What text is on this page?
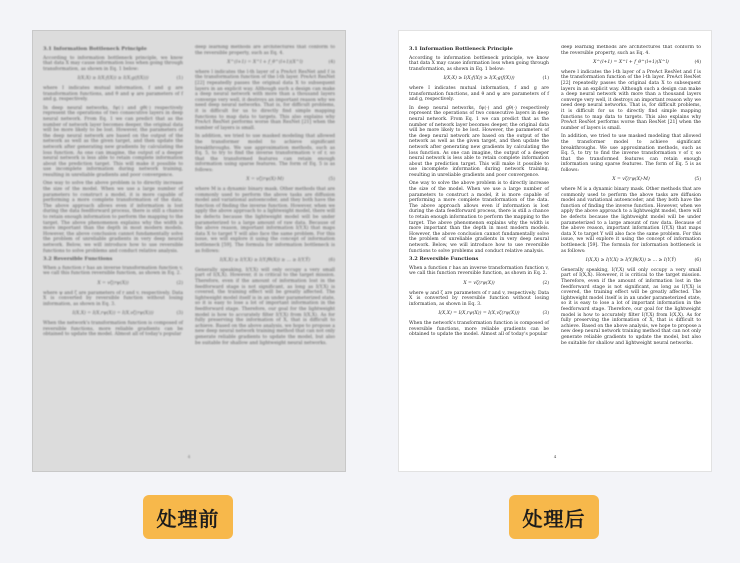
3.1 Information Bottleneck Principle
According to information bottleneck principle, we know that data X may cause information loss when going through transformation, as shown in Eq. 1 below:
I(X;X) ≥ I(X;f(X)) ≥ I(X;g(f(X)))	(1)
where I indicates mutual information, f and g are transformation functions, and θ and ψ are parameters of f and g, respectively.
In deep neural networks, fψ(·) and gθ(·) respectively represent the operations of two consecutive layers in deep neural network. From Eq. 1 we can predict that as the number of network layer becomes deeper, the original data will be more likely to be lost. However, the parameters of the deep neural network are based on the output of the network as well as the given target, and then update the network after generating new gradients by calculating the loss function. As one can imagine, the output of a deeper neural network is less able to retain complete information about the prediction target. This will make it possible to use incomplete information during network training, resulting in unreliable gradients and poor convergence.
One way to solve the above problem is to directly increase the size of the model. When we use a large number of parameters to construct a model, it is more capable of performing a more complete transformation of the data. The above approach allows even if information is lost during the data feedforward process, there is still a chance to retain enough information to perform the mapping to the target. The above phenomenon explains why the width is more important than the depth in most modern models. However, the above conclusion cannot fundamentally solve the problem of unreliable gradients in very deep neural network. Below, we will introduce how to use reversible functions to solve problems and conduct relative analysis.
3.2 Reversible Functions
When a function r has an inverse transformation function v, we call this function reversible function, as shown in Eq. 2.
X = vζ(rψ(X))	(2)
where ψ and ζ are parameters of r and v, respectively. Data X is converted by reversible function without losing information, as shown in Eq. 3.
I(X,X) = I(X,rψ(X)) = I(X,vζ(rψ(X)))	(3)
When the network's transformation function is composed of reversible functions, more reliable gradients can be obtained to update the model. Almost all of today's popular
deep learning methods are architectures that conform to the reversible property, such as Eq. 4.
X^(l+1) = X^l + f_θ^(l+1)(X^l)	(4)
where l indicates the l-th layer of a PreAct ResNet and f is the transformation function of the l-th layer. PreAct ResNet [22] repeatedly passes the original data X to subsequent layers in an explicit way. Although such a design can make a deep neural network with more than a thousand layers converge very well, it destroys an important reason why we need deep neural networks. That is, for difficult problems, it is difficult for us to directly find simple mapping functions to map data to targets. This also explains why PreAct ResNet performs worse than ResNet [21] when the number of layers is small.
In addition, we tried to use masked modeling that allowed the transformer model to achieve significant breakthroughs. We use approximation methods, such as Eq. 5, to try to find the inverse transformation v of r, so that the transformed features can retain enough information using sparse features. The form of Eq. 5 is as follows:
X = vζ(rψ(X)·M)	(5)
where M is a dynamic binary mask. Other methods that are commonly used to perform the above tasks are diffusion model and variational autoencoder, and they both have the function of finding the inverse function. However, when we apply the above approach to a lightweight model, there will be defects because the lightweight model will be under parameterized to a large amount of raw data. Because of the above reason, important information I(Y,X) that maps data X to target Y will also face the same problem. For this issue, we will explore it using the concept of information bottleneck [59]. The formula for information bottleneck is as follows:
I(X,X) ≥ I(Y,X) ≥ I(Y,fθ(X)) ≥ ... ≥ I(Y,Ŷ)	(6)
Generally speaking, I(Y,X) will only occupy a very small part of I(X,X). However, it is critical to the target mission. Therefore, even if the amount of information lost in the feedforward stage is not significant, as long as I(Y,X) is covered, the training effect will be greatly affected. The lightweight model itself is in an under parameterized state, so it is easy to lose a lot of important information in the feedforward stage. Therefore, our goal for the lightweight model is how to accurately filter I(Y,X) from I(X,X). As for fully preserving the information of X, that is difficult to achieve. Based on the above analysis, we hope to propose a new deep neural network training method that can not only generate reliable gradients to update the model, but also be suitable for shallow and lightweight neural networks.
4
3.1 Information Bottleneck Principle
According to information bottleneck principle, we know that data X may cause information loss when going through transformation, as shown in Eq. 1 below:
I(X;X) ≥ I(X;f(X)) ≥ I(X;g(f(X)))	(1)
where I indicates mutual information, f and g are transformation functions, and θ and ψ are parameters of f and g, respectively.
In deep neural networks, fψ(·) and gθ(·) respectively represent the operations of two consecutive layers in deep neural network. From Eq. 1 we can predict that as the number of network layer becomes deeper, the original data will be more likely to be lost. However, the parameters of the deep neural network are based on the output of the network as well as the given target, and then update the network after generating new gradients by calculating the loss function. As one can imagine, the output of a deeper neural network is less able to retain complete information about the prediction target. This will make it possible to use incomplete information during network training, resulting in unreliable gradients and poor convergence.
One way to solve the above problem is to directly increase the size of the model. When we use a large number of parameters to construct a model, it is more capable of performing a more complete transformation of the data. The above approach allows even if information is lost during the data feedforward process, there is still a chance to retain enough information to perform the mapping to the target. The above phenomenon explains why the width is more important than the depth in most modern models. However, the above conclusion cannot fundamentally solve the problem of unreliable gradients in very deep neural network. Below, we will introduce how to use reversible functions to solve problems and conduct relative analysis.
3.2 Reversible Functions
When a function r has an inverse transformation function v, we call this function reversible function, as shown in Eq. 2.
X = vζ(rψ(X))	(2)
where ψ and ζ are parameters of r and v, respectively. Data X is converted by reversible function without losing information, as shown in Eq. 3.
I(X,X) = I(X,rψ(X)) = I(X,vζ(rψ(X)))	(3)
When the network's transformation function is composed of reversible functions, more reliable gradients can be obtained to update the model. Almost all of today's popular
deep learning methods are architectures that conform to the reversible property, such as Eq. 4.
X^(l+1) = X^l + f_θ^(l+1)(X^l)	(4)
where l indicates the l-th layer of a PreAct ResNet and f is the transformation function of the l-th layer. PreAct ResNet [22] repeatedly passes the original data X to subsequent layers in an explicit way. Although such a design can make a deep neural network with more than a thousand layers converge very well, it destroys an important reason why we need deep neural networks. That is, for difficult problems, it is difficult for us to directly find simple mapping functions to map data to targets. This also explains why PreAct ResNet performs worse than ResNet [21] when the number of layers is small.
In addition, we tried to use masked modeling that allowed the transformer model to achieve significant breakthroughs. We use approximation methods, such as Eq. 5, to try to find the inverse transformation v of r, so that the transformed features can retain enough information using sparse features. The form of Eq. 5 is as follows:
X = vζ(rψ(X)·M)	(5)
where M is a dynamic binary mask. Other methods that are commonly used to perform the above tasks are diffusion model and variational autoencoder, and they both have the function of finding the inverse function. However, when we apply the above approach to a lightweight model, there will be defects because the lightweight model will be under parameterized to a large amount of raw data. Because of the above reason, important information I(Y,X) that maps data X to target Y will also face the same problem. For this issue, we will explore it using the concept of information bottleneck [59]. The formula for information bottleneck is as follows:
I(X,X) ≥ I(Y,X) ≥ I(Y,fθ(X)) ≥ ... ≥ I(Y,Ŷ)	(6)
Generally speaking, I(Y,X) will only occupy a very small part of I(X,X). However, it is critical to the target mission. Therefore, even if the amount of information lost in the feedforward stage is not significant, as long as I(Y,X) is covered, the training effect will be greatly affected. The lightweight model itself is in an under parameterized state, so it is easy to lose a lot of important information in the feedforward stage. Therefore, our goal for the lightweight model is how to accurately filter I(Y,X) from I(X,X). As for fully preserving the information of X, that is difficult to achieve. Based on the above analysis, we hope to propose a new deep neural network training method that can not only generate reliable gradients to update the model, but also be suitable for shallow and lightweight neural networks.
4
处理前	处理后
